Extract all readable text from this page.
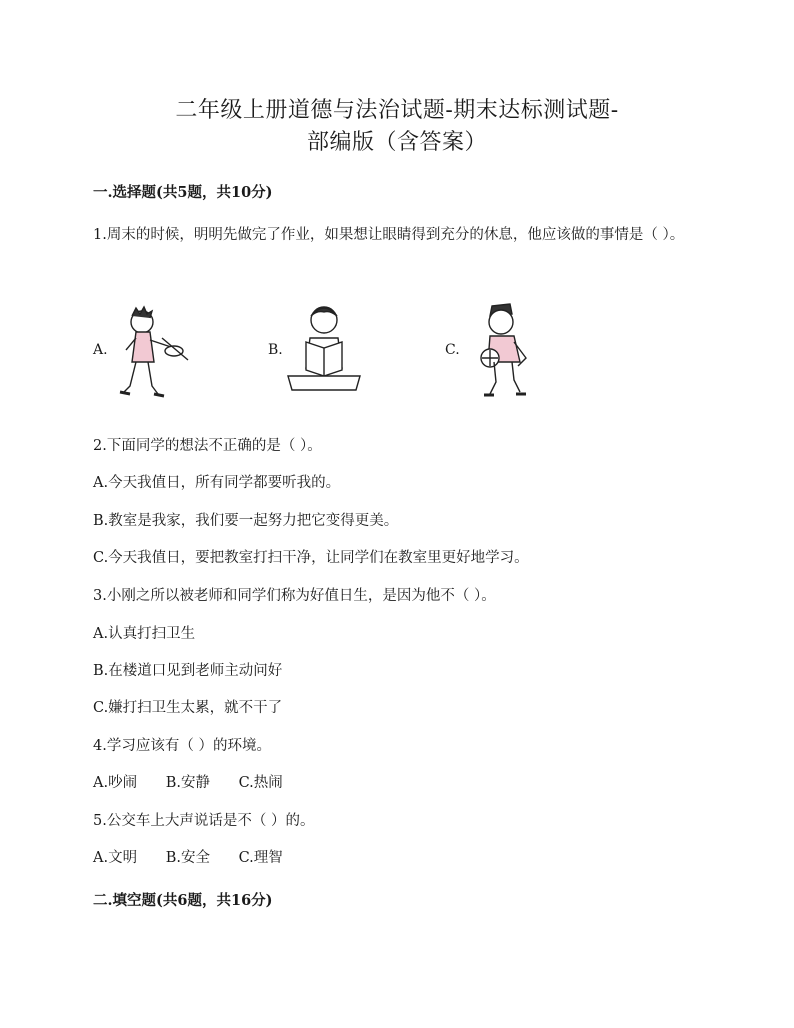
二年级上册道德与法治试题-期末达标测试题-
部编版（含答案）
一.选择题(共5题，共10分)
1.周末的时候，明明先做完了作业，如果想让眼睛得到充分的休息，他应该做的事情是（ ）。
A.	B.	C.
2.下面同学的想法不正确的是（ ）。
A.今天我值日，所有同学都要听我的。
B.教室是我家，我们要一起努力把它变得更美。
C.今天我值日，要把教室打扫干净，让同学们在教室里更好地学习。
3.小刚之所以被老师和同学们称为好值日生，是因为他不（ ）。
A.认真打扫卫生
B.在楼道口见到老师主动问好
C.嫌打扫卫生太累，就不干了
4.学习应该有（ ）的环境。
A.吵闹 B.安静 C.热闹
5.公交车上大声说话是不（ ）的。
A.文明 B.安全 C.理智
二.填空题(共6题，共16分)
